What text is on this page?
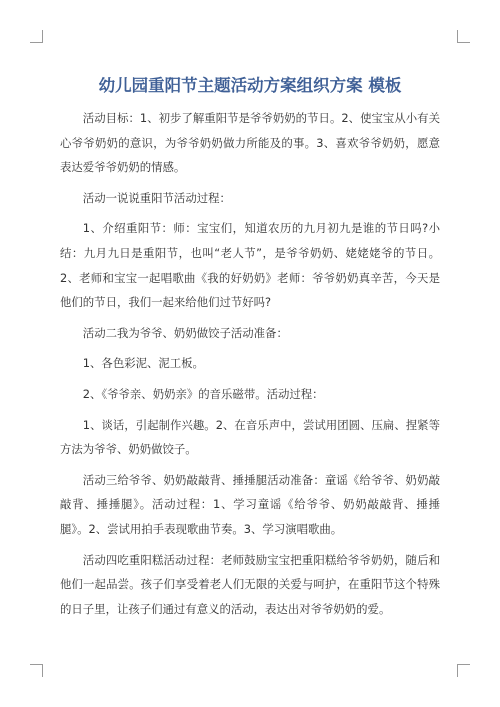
幼儿园重阳节主题活动方案组织方案 模板

活动目标：1、初步了解重阳节是爷爷奶奶的节日。2、使宝宝从小有关心爷爷奶奶的意识，为爷爷奶奶做力所能及的事。3、喜欢爷爷奶奶，愿意表达爱爷爷奶奶的情感。

活动一说说重阳节活动过程：

1、介绍重阳节：师：宝宝们，知道农历的九月初九是谁的节日吗?小结：九月九日是重阳节，也叫“老人节”，是爷爷奶奶、姥姥姥爷的节日。2、老师和宝宝一起唱歌曲《我的好奶奶》老师：爷爷奶奶真辛苦，今天是他们的节日，我们一起来给他们过节好吗?

活动二我为爷爷、奶奶做饺子活动准备：

1、各色彩泥、泥工板。

2、《爷爷亲、奶奶亲》的音乐磁带。活动过程：

1、谈话，引起制作兴趣。2、在音乐声中，尝试用团圆、压扁、捏紧等方法为爷爷、奶奶做饺子。

活动三给爷爷、奶奶敲敲背、捶捶腿活动准备：童谣《给爷爷、奶奶敲敲背、捶捶腿》。活动过程：1、学习童谣《给爷爷、奶奶敲敲背、捶捶腿》。2、尝试用拍手表现歌曲节奏。3、学习演唱歌曲。

活动四吃重阳糕活动过程：老师鼓励宝宝把重阳糕给爷爷奶奶，随后和他们一起品尝。孩子们享受着老人们无限的关爱与呵护，在重阳节这个特殊的日子里，让孩子们通过有意义的活动，表达出对爷爷奶奶的爱。
